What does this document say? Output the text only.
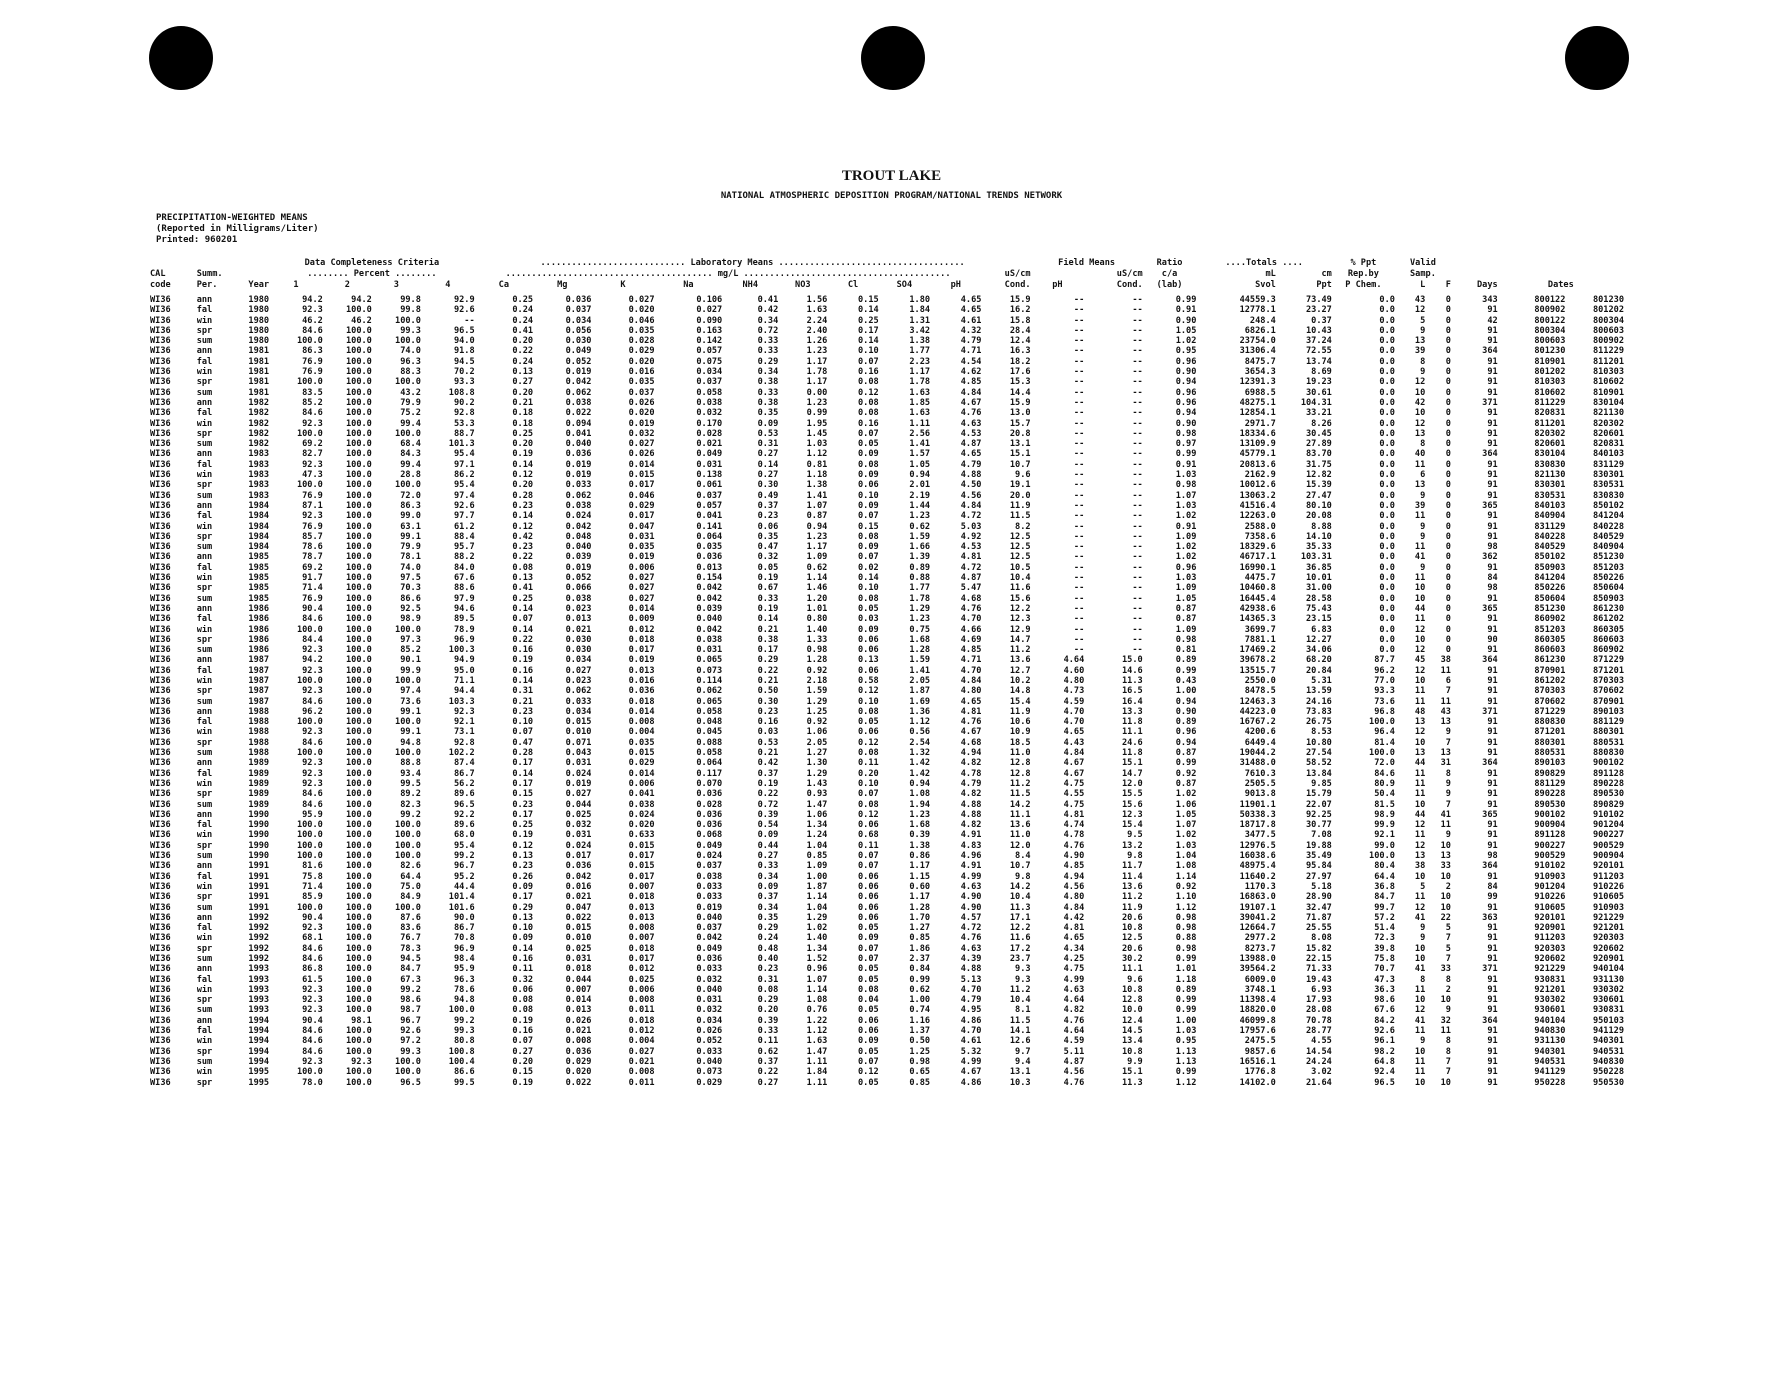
TROUT LAKE
NATIONAL ATMOSPHERIC DEPOSITION PROGRAM/NATIONAL TRENDS NETWORK
PRECIPITATION-WEIGHTED MEANS
(Reported in Milligrams/Liter)
Printed: 960201
			Data Completeness Criteria				............................ Laboratory Means ....................................										Field Means		Ratio	....Totals ....		% Ppt	Valid				
CAL	Summ.		........ Percent ........				........................................ mg/L ........................................									uS/cm		uS/cm	c/a	mL	cm	Rep.by	Samp.				
code	Per.	Year	1	2	3	4	Ca	Mg	K	Na	NH4	NO3	Cl	SO4	pH	Cond.	pH	Cond.	(lab)	Svol	Ppt	P Chem.	L	F	Days	Dates	
WI36	ann	1980	94.2	94.2	99.8	92.9	0.25	0.036	0.027	0.106	0.41	1.56	0.15	1.80	4.65	15.9	--	--	0.99	44559.3	73.49	0.0	43	0	343	800122	801230
WI36	fal	1980	92.3	100.0	99.8	92.6	0.24	0.037	0.020	0.027	0.42	1.63	0.14	1.84	4.65	16.2	--	--	0.91	12778.1	23.27	0.0	12	0	91	800902	801202
WI36	win	1980	46.2	46.2	100.0	--	0.24	0.034	0.046	0.090	0.34	2.24	0.25	1.31	4.61	15.8	--	--	0.90	248.4	0.37	0.0	5	0	42	800122	800304
WI36	spr	1980	84.6	100.0	99.3	96.5	0.41	0.056	0.035	0.163	0.72	2.40	0.17	3.42	4.32	28.4	--	--	1.05	6826.1	10.43	0.0	9	0	91	800304	800603
WI36	sum	1980	100.0	100.0	100.0	94.0	0.20	0.030	0.028	0.142	0.33	1.26	0.14	1.38	4.79	12.4	--	--	1.02	23754.0	37.24	0.0	13	0	91	800603	800902
WI36	ann	1981	86.3	100.0	74.0	91.8	0.22	0.049	0.029	0.057	0.33	1.23	0.10	1.77	4.71	16.3	--	--	0.95	31306.4	72.55	0.0	39	0	364	801230	811229
WI36	fal	1981	76.9	100.0	96.3	94.5	0.24	0.052	0.020	0.075	0.29	1.17	0.07	2.23	4.54	18.2	--	--	0.96	8475.7	13.74	0.0	8	0	91	810901	811201
WI36	win	1981	76.9	100.0	88.3	70.2	0.13	0.019	0.016	0.034	0.34	1.78	0.16	1.17	4.62	17.6	--	--	0.90	3654.3	8.69	0.0	9	0	91	801202	810303
WI36	spr	1981	100.0	100.0	100.0	93.3	0.27	0.042	0.035	0.037	0.38	1.17	0.08	1.78	4.85	15.3	--	--	0.94	12391.3	19.23	0.0	12	0	91	810303	810602
WI36	sum	1981	83.5	100.0	43.2	108.8	0.20	0.062	0.037	0.058	0.33	0.00	0.12	1.63	4.84	14.4	--	--	0.96	6988.5	30.61	0.0	10	0	91	810602	810901
WI36	ann	1982	85.2	100.0	79.9	90.2	0.21	0.038	0.026	0.038	0.38	1.23	0.08	1.85	4.67	15.9	--	--	0.96	48275.1	104.31	0.0	42	0	371	811229	830104
WI36	fal	1982	84.6	100.0	75.2	92.8	0.18	0.022	0.020	0.032	0.35	0.99	0.08	1.63	4.76	13.0	--	--	0.94	12854.1	33.21	0.0	10	0	91	820831	821130
WI36	win	1982	92.3	100.0	99.4	53.3	0.18	0.094	0.019	0.170	0.09	1.95	0.16	1.11	4.63	15.7	--	--	0.90	2971.7	8.26	0.0	12	0	91	811201	820302
WI36	spr	1982	100.0	100.0	100.0	88.7	0.25	0.041	0.032	0.028	0.53	1.45	0.07	2.56	4.53	20.8	--	--	0.98	18334.6	30.45	0.0	13	0	91	820302	820601
WI36	sum	1982	69.2	100.0	68.4	101.3	0.20	0.040	0.027	0.021	0.31	1.03	0.05	1.41	4.87	13.1	--	--	0.97	13109.9	27.89	0.0	8	0	91	820601	820831
WI36	ann	1983	82.7	100.0	84.3	95.4	0.19	0.036	0.026	0.049	0.27	1.12	0.09	1.57	4.65	15.1	--	--	0.99	45779.1	83.70	0.0	40	0	364	830104	840103
WI36	fal	1983	92.3	100.0	99.4	97.1	0.14	0.019	0.014	0.031	0.14	0.81	0.08	1.05	4.79	10.7	--	--	0.91	20813.6	31.75	0.0	11	0	91	830830	831129
WI36	win	1983	47.3	100.0	28.8	86.2	0.12	0.019	0.015	0.138	0.27	1.18	0.09	0.94	4.88	9.6	--	--	1.03	2162.9	12.82	0.0	6	0	91	821130	830301
WI36	spr	1983	100.0	100.0	100.0	95.4	0.20	0.033	0.017	0.061	0.30	1.38	0.06	2.01	4.50	19.1	--	--	0.98	10012.6	15.39	0.0	13	0	91	830301	830531
WI36	sum	1983	76.9	100.0	72.0	97.4	0.28	0.062	0.046	0.037	0.49	1.41	0.10	2.19	4.56	20.0	--	--	1.07	13063.2	27.47	0.0	9	0	91	830531	830830
WI36	ann	1984	87.1	100.0	86.3	92.6	0.23	0.038	0.029	0.057	0.37	1.07	0.09	1.44	4.84	11.9	--	--	1.03	41516.4	80.10	0.0	39	0	365	840103	850102
WI36	fal	1984	92.3	100.0	99.0	97.7	0.14	0.024	0.017	0.041	0.23	0.87	0.07	1.23	4.72	11.5	--	--	1.02	12263.0	20.08	0.0	11	0	91	840904	841204
WI36	win	1984	76.9	100.0	63.1	61.2	0.12	0.042	0.047	0.141	0.06	0.94	0.15	0.62	5.03	8.2	--	--	0.91	2588.0	8.88	0.0	9	0	91	831129	840228
WI36	spr	1984	85.7	100.0	99.1	88.4	0.42	0.048	0.031	0.064	0.35	1.23	0.08	1.59	4.92	12.5	--	--	1.09	7358.6	14.10	0.0	9	0	91	840228	840529
WI36	sum	1984	78.6	100.0	79.9	95.7	0.23	0.040	0.035	0.035	0.47	1.17	0.09	1.66	4.53	12.5	--	--	1.02	18329.6	35.33	0.0	11	0	98	840529	840904
WI36	ann	1985	78.7	100.0	78.1	88.2	0.22	0.039	0.019	0.036	0.32	1.09	0.07	1.39	4.81	12.5	--	--	1.02	46717.1	103.31	0.0	41	0	362	850102	851230
WI36	fal	1985	69.2	100.0	74.0	84.0	0.08	0.019	0.006	0.013	0.05	0.62	0.02	0.89	4.72	10.5	--	--	0.96	16990.1	36.85	0.0	9	0	91	850903	851203
WI36	win	1985	91.7	100.0	97.5	67.6	0.13	0.052	0.027	0.154	0.19	1.14	0.14	0.88	4.87	10.4	--	--	1.03	4475.7	10.01	0.0	11	0	84	841204	850226
WI36	spr	1985	71.4	100.0	70.3	88.6	0.41	0.066	0.027	0.042	0.67	1.46	0.10	1.77	5.47	11.6	--	--	1.09	10460.8	31.00	0.0	10	0	98	850226	850604
WI36	sum	1985	76.9	100.0	86.6	97.9	0.25	0.038	0.027	0.042	0.33	1.20	0.08	1.78	4.68	15.6	--	--	1.05	16445.4	28.58	0.0	10	0	91	850604	850903
WI36	ann	1986	90.4	100.0	92.5	94.6	0.14	0.023	0.014	0.039	0.19	1.01	0.05	1.29	4.76	12.2	--	--	0.87	42938.6	75.43	0.0	44	0	365	851230	861230
WI36	fal	1986	84.6	100.0	98.9	89.5	0.07	0.013	0.009	0.040	0.14	0.80	0.03	1.23	4.70	12.3	--	--	0.87	14365.3	23.15	0.0	11	0	91	860902	861202
WI36	win	1986	100.0	100.0	100.0	78.9	0.14	0.021	0.012	0.042	0.21	1.40	0.09	0.75	4.66	12.9	--	--	1.09	3699.7	6.83	0.0	12	0	91	851203	860305
WI36	spr	1986	84.4	100.0	97.3	96.9	0.22	0.030	0.018	0.038	0.38	1.33	0.06	1.68	4.69	14.7	--	--	0.98	7881.1	12.27	0.0	10	0	90	860305	860603
WI36	sum	1986	92.3	100.0	85.2	100.3	0.16	0.030	0.017	0.031	0.17	0.98	0.06	1.28	4.85	11.2	--	--	0.81	17469.2	34.06	0.0	12	0	91	860603	860902
WI36	ann	1987	94.2	100.0	90.1	94.9	0.19	0.034	0.019	0.065	0.29	1.28	0.13	1.59	4.71	13.6	4.64	15.0	0.89	39678.2	68.20	87.7	45	38	364	861230	871229
WI36	fal	1987	92.3	100.0	99.9	95.0	0.16	0.027	0.013	0.073	0.22	0.92	0.06	1.41	4.70	12.7	4.60	14.6	0.99	13515.7	20.84	96.2	12	11	91	870901	871201
WI36	win	1987	100.0	100.0	100.0	71.1	0.14	0.023	0.016	0.114	0.21	2.18	0.58	2.05	4.84	10.2	4.80	11.3	0.43	2550.0	5.31	77.0	10	6	91	861202	870303
WI36	spr	1987	92.3	100.0	97.4	94.4	0.31	0.062	0.036	0.062	0.50	1.59	0.12	1.87	4.80	14.8	4.73	16.5	1.00	8478.5	13.59	93.3	11	7	91	870303	870602
WI36	sum	1987	84.6	100.0	73.6	103.3	0.21	0.033	0.018	0.065	0.30	1.29	0.10	1.69	4.65	15.4	4.59	16.4	0.94	12463.3	24.16	73.6	11	11	91	870602	870901
WI36	ann	1988	96.2	100.0	99.1	92.3	0.23	0.034	0.014	0.058	0.23	1.25	0.08	1.36	4.81	11.9	4.70	13.3	0.90	44223.0	73.83	96.8	48	43	371	871229	890103
WI36	fal	1988	100.0	100.0	100.0	92.1	0.10	0.015	0.008	0.048	0.16	0.92	0.05	1.12	4.76	10.6	4.70	11.8	0.89	16767.2	26.75	100.0	13	13	91	880830	881129
WI36	win	1988	92.3	100.0	99.1	73.1	0.07	0.010	0.004	0.045	0.03	1.06	0.06	0.56	4.67	10.9	4.65	11.1	0.96	4200.6	8.53	96.4	12	9	91	871201	880301
WI36	spr	1988	84.6	100.0	94.8	92.8	0.47	0.071	0.035	0.088	0.53	2.05	0.12	2.54	4.68	18.5	4.43	24.6	0.94	6449.4	10.80	81.4	10	7	91	880301	880531
WI36	sum	1988	100.0	100.0	100.0	102.2	0.28	0.043	0.015	0.058	0.21	1.27	0.08	1.32	4.94	11.0	4.84	11.8	0.87	19044.2	27.54	100.0	13	13	91	880531	880830
WI36	ann	1989	92.3	100.0	88.8	87.4	0.17	0.031	0.029	0.064	0.42	1.30	0.11	1.42	4.82	12.8	4.67	15.1	0.99	31488.0	58.52	72.0	44	31	364	890103	900102
WI36	fal	1989	92.3	100.0	93.4	86.7	0.14	0.024	0.014	0.117	0.37	1.29	0.20	1.42	4.78	12.8	4.67	14.7	0.92	7610.3	13.84	84.6	11	8	91	890829	891128
WI36	win	1989	92.3	100.0	99.5	56.2	0.17	0.019	0.006	0.070	0.19	1.43	0.10	0.94	4.79	11.2	4.75	12.0	0.87	2505.5	9.85	80.9	11	9	91	881129	890228
WI36	spr	1989	84.6	100.0	89.2	89.6	0.15	0.027	0.041	0.036	0.22	0.93	0.07	1.08	4.82	11.5	4.55	15.5	1.02	9013.8	15.79	50.4	11	9	91	890228	890530
WI36	sum	1989	84.6	100.0	82.3	96.5	0.23	0.044	0.038	0.028	0.72	1.47	0.08	1.94	4.88	14.2	4.75	15.6	1.06	11901.1	22.07	81.5	10	7	91	890530	890829
WI36	ann	1990	95.9	100.0	99.2	92.2	0.17	0.025	0.024	0.036	0.39	1.06	0.12	1.23	4.88	11.1	4.81	12.3	1.05	50338.3	92.25	98.9	44	41	365	900102	910102
WI36	fal	1990	100.0	100.0	100.0	89.6	0.25	0.032	0.020	0.036	0.54	1.34	0.06	1.68	4.82	13.6	4.74	15.4	1.07	18717.8	30.77	99.9	12	11	91	900904	901204
WI36	win	1990	100.0	100.0	100.0	68.0	0.19	0.031	0.633	0.068	0.09	1.24	0.68	0.39	4.91	11.0	4.78	9.5	1.02	3477.5	7.08	92.1	11	9	91	891128	900227
WI36	spr	1990	100.0	100.0	100.0	95.4	0.12	0.024	0.015	0.049	0.44	1.04	0.11	1.38	4.83	12.0	4.76	13.2	1.03	12976.5	19.88	99.0	12	10	91	900227	900529
WI36	sum	1990	100.0	100.0	100.0	99.2	0.13	0.017	0.017	0.024	0.27	0.85	0.07	0.86	4.96	8.4	4.90	9.8	1.04	16038.6	35.49	100.0	13	13	98	900529	900904
WI36	ann	1991	81.6	100.0	82.6	96.7	0.23	0.036	0.015	0.037	0.33	1.09	0.07	1.17	4.91	10.7	4.85	11.7	1.08	48975.4	95.84	80.4	38	33	364	910102	920101
WI36	fal	1991	75.8	100.0	64.4	95.2	0.26	0.042	0.017	0.038	0.34	1.00	0.06	1.15	4.99	9.8	4.94	11.4	1.14	11640.2	27.97	64.4	10	10	91	910903	911203
WI36	win	1991	71.4	100.0	75.0	44.4	0.09	0.016	0.007	0.033	0.09	1.87	0.06	0.60	4.63	14.2	4.56	13.6	0.92	1170.3	5.18	36.8	5	2	84	901204	910226
WI36	spr	1991	85.9	100.0	84.9	101.4	0.17	0.021	0.018	0.033	0.37	1.14	0.06	1.17	4.90	10.4	4.80	11.2	1.10	16863.0	28.90	84.7	11	10	99	910226	910605
WI36	sum	1991	100.0	100.0	100.0	101.6	0.29	0.047	0.013	0.019	0.34	1.04	0.06	1.28	4.90	11.3	4.84	11.9	1.12	19107.1	32.47	99.7	12	10	91	910605	910903
WI36	ann	1992	90.4	100.0	87.6	90.0	0.13	0.022	0.013	0.040	0.35	1.29	0.06	1.70	4.57	17.1	4.42	20.6	0.98	39041.2	71.87	57.2	41	22	363	920101	921229
WI36	fal	1992	92.3	100.0	83.6	86.7	0.10	0.015	0.008	0.037	0.29	1.02	0.05	1.27	4.72	12.2	4.81	10.8	0.98	12664.7	25.55	51.4	9	5	91	920901	921201
WI36	win	1992	68.1	100.0	76.7	70.8	0.09	0.010	0.007	0.042	0.24	1.40	0.09	0.85	4.76	11.6	4.65	12.5	0.88	2977.2	8.08	72.3	9	7	91	911203	920303
WI36	spr	1992	84.6	100.0	78.3	96.9	0.14	0.025	0.018	0.049	0.48	1.34	0.07	1.86	4.63	17.2	4.34	20.6	0.98	8273.7	15.82	39.8	10	5	91	920303	920602
WI36	sum	1992	84.6	100.0	94.5	98.4	0.16	0.031	0.017	0.036	0.40	1.52	0.07	2.37	4.39	23.7	4.25	30.2	0.99	13988.0	22.15	75.8	10	7	91	920602	920901
WI36	ann	1993	86.8	100.0	84.7	95.9	0.11	0.018	0.012	0.033	0.23	0.96	0.05	0.84	4.88	9.3	4.75	11.1	1.01	39564.2	71.33	70.7	41	33	371	921229	940104
WI36	fal	1993	61.5	100.0	67.3	96.3	0.32	0.044	0.025	0.032	0.31	1.07	0.05	0.99	5.13	9.3	4.99	9.6	1.18	6009.0	19.43	47.3	8	8	91	930831	931130
WI36	win	1993	92.3	100.0	99.2	78.6	0.06	0.007	0.006	0.040	0.08	1.14	0.08	0.62	4.70	11.2	4.63	10.8	0.89	3748.1	6.93	36.3	11	2	91	921201	930302
WI36	spr	1993	92.3	100.0	98.6	94.8	0.08	0.014	0.008	0.031	0.29	1.08	0.04	1.00	4.79	10.4	4.64	12.8	0.99	11398.4	17.93	98.6	10	10	91	930302	930601
WI36	sum	1993	92.3	100.0	98.7	100.0	0.08	0.013	0.011	0.032	0.20	0.76	0.05	0.74	4.95	8.1	4.82	10.0	0.99	18820.0	28.08	67.6	12	9	91	930601	930831
WI36	ann	1994	90.4	98.1	96.7	99.2	0.19	0.026	0.018	0.034	0.39	1.22	0.06	1.16	4.86	11.5	4.76	12.4	1.00	46099.8	70.78	84.2	41	32	364	940104	950103
WI36	fal	1994	84.6	100.0	92.6	99.3	0.16	0.021	0.012	0.026	0.33	1.12	0.06	1.37	4.70	14.1	4.64	14.5	1.03	17957.6	28.77	92.6	11	11	91	940830	941129
WI36	win	1994	84.6	100.0	97.2	80.8	0.07	0.008	0.004	0.052	0.11	1.63	0.09	0.50	4.61	12.6	4.59	13.4	0.95	2475.5	4.55	96.1	9	8	91	931130	940301
WI36	spr	1994	84.6	100.0	99.3	100.8	0.27	0.036	0.027	0.033	0.62	1.47	0.05	1.25	5.32	9.7	5.11	10.8	1.13	9857.6	14.54	98.2	10	8	91	940301	940531
WI36	sum	1994	92.3	92.3	100.0	100.4	0.20	0.029	0.021	0.040	0.37	1.11	0.07	0.98	4.99	9.4	4.87	9.9	1.13	16516.1	24.24	64.8	11	7	91	940531	940830
WI36	win	1995	100.0	100.0	100.0	86.6	0.15	0.020	0.008	0.073	0.22	1.84	0.12	0.65	4.67	13.1	4.56	15.1	0.99	1776.8	3.02	92.4	11	7	91	941129	950228
WI36	spr	1995	78.0	100.0	96.5	99.5	0.19	0.022	0.011	0.029	0.27	1.11	0.05	0.85	4.86	10.3	4.76	11.3	1.12	14102.0	21.64	96.5	10	10	91	950228	950530
